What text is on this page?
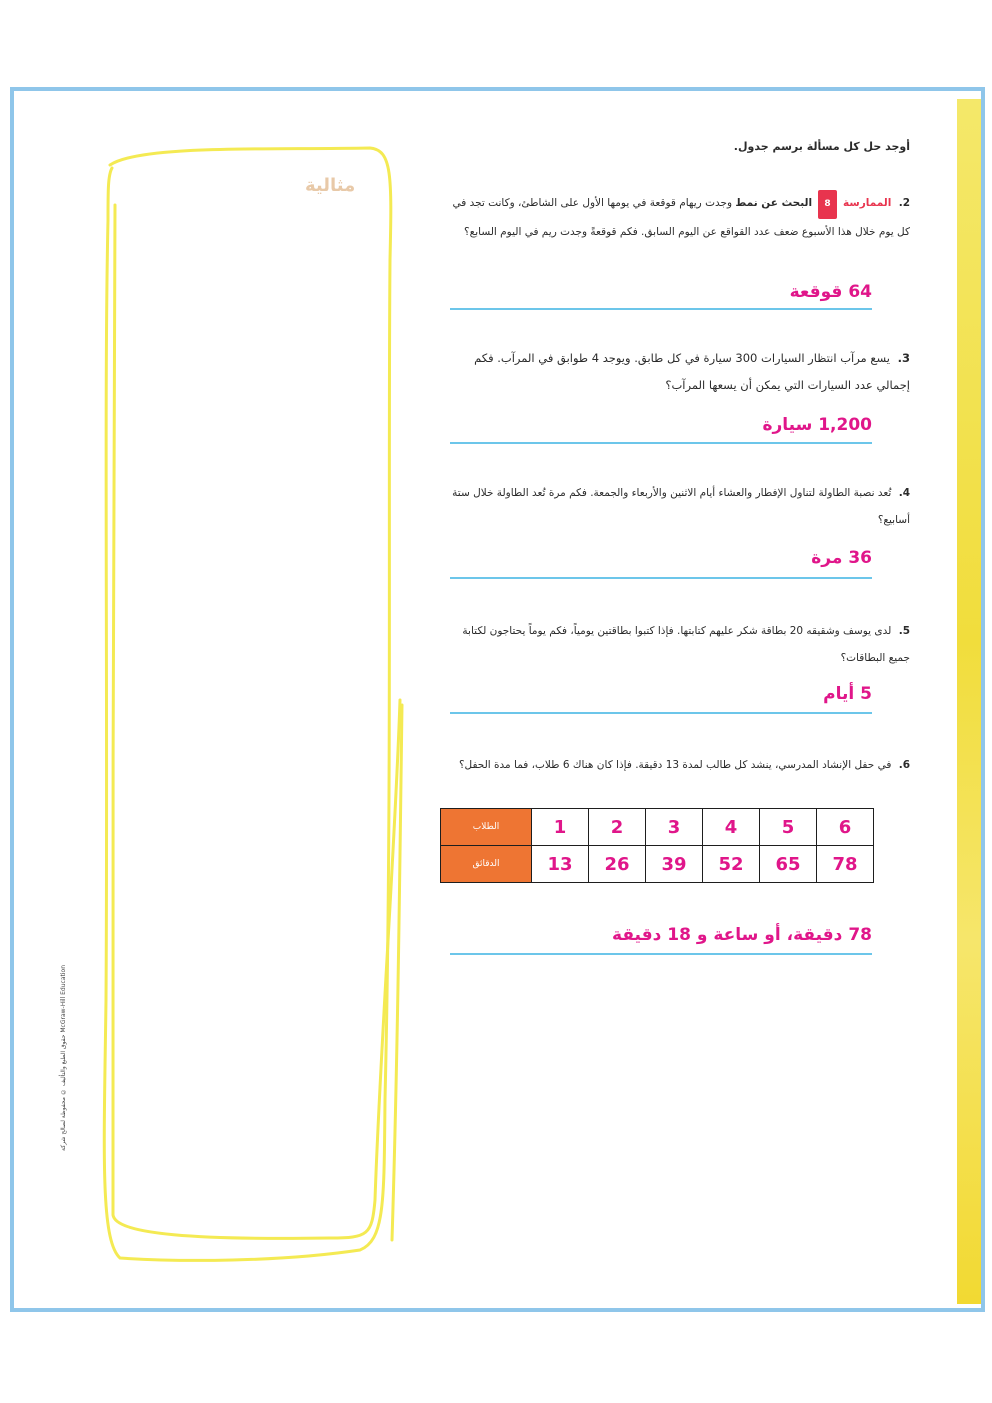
مثالية
أوجد حل كل مسألة برسم جدول.

2. الممارسة 8 البحث عن نمط وجدت ريهام قوقعة في يومها الأول على الشاطئ، وكانت تجد في كل يوم خلال هذا الأسبوع ضعف عدد القواقع عن اليوم السابق. فكم قوقعةً وجدت ريم في اليوم السابع؟

64 قوقعة

3. يسع مرآب انتظار السيارات 300 سيارة في كل طابق. ويوجد 4 طوابق في المرآب. فكم إجمالي عدد السيارات التي يمكن أن يسعها المرآب؟

1,200 سيارة

4. تُعد نصبة الطاولة لتناول الإفطار والعشاء أيام الاثنين والأربعاء والجمعة. فكم مرة تُعد الطاولة خلال ستة أسابيع؟

36 مرة

5. لدى يوسف وشقيقه 20 بطاقة شكر عليهم كتابتها. فإذا كتبوا بطاقتين يومياً، فكم يوماً يحتاجون لكتابة جميع البطاقات؟

5 أيام

6. في حفل الإنشاد المدرسي، ينشد كل طالب لمدة 13 دقيقة. فإذا كان هناك 6 طلاب، فما مدة الحفل؟

6	5	4	3	2	1	الطلاب
78	65	52	39	26	13	الدقائق
78 دقيقة، أو ساعة و 18 دقيقة
حقوق الطبع والتأليف © محفوظة لصالح شركة McGraw-Hill Education
